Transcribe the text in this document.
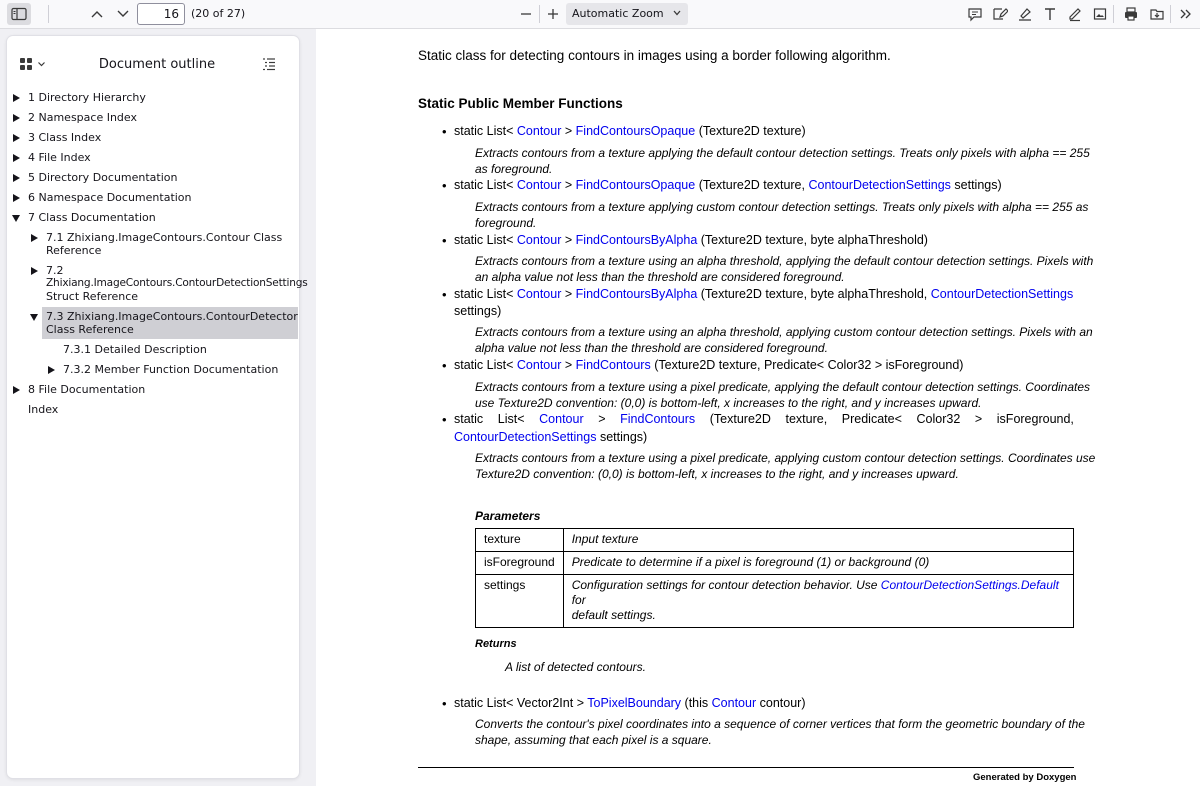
16	(20 of 27)	Automatic Zoom
Document outline
1 Directory Hierarchy
2 Namespace Index
3 Class Index
4 File Index
5 Directory Documentation
6 Namespace Documentation
7 Class Documentation
7.1 Zhixiang.ImageContours.Contour Class
Reference
7.2
Zhixiang.ImageContours.ContourDetectionSettings
Struct Reference
7.3 Zhixiang.ImageContours.ContourDetector
Class Reference
7.3.1 Detailed Description
7.3.2 Member Function Documentation
8 File Documentation
Index
Static class for detecting contours in images using a border following algorithm.
Static Public Member Functions
• static List< Contour > FindContoursOpaque (Texture2D texture)
Extracts contours from a texture applying the default contour detection settings. Treats only pixels with alpha == 255
as foreground.
• static List< Contour > FindContoursOpaque (Texture2D texture, ContourDetectionSettings settings)
Extracts contours from a texture applying custom contour detection settings. Treats only pixels with alpha == 255 as
foreground.
• static List< Contour > FindContoursByAlpha (Texture2D texture, byte alphaThreshold)
Extracts contours from a texture using an alpha threshold, applying the default contour detection settings. Pixels with
an alpha value not less than the threshold are considered foreground.
• static List< Contour > FindContoursByAlpha (Texture2D texture, byte alphaThreshold, ContourDetectionSettings
settings)
Extracts contours from a texture using an alpha threshold, applying custom contour detection settings. Pixels with an
alpha value not less than the threshold are considered foreground.
• static List< Contour > FindContours (Texture2D texture, Predicate< Color32 > isForeground)
Extracts contours from a texture using a pixel predicate, applying the default contour detection settings. Coordinates
use Texture2D convention: (0,0) is bottom-left, x increases to the right, and y increases upward.
• static List< Contour > FindContours (Texture2D texture, Predicate< Color32 > isForeground,
ContourDetectionSettings settings)
Extracts contours from a texture using a pixel predicate, applying custom contour detection settings. Coordinates use
Texture2D convention: (0,0) is bottom-left, x increases to the right, and y increases upward.
Parameters
texture	Input texture
isForeground	Predicate to determine if a pixel is foreground (1) or background (0)
settings	Configuration settings for contour detection behavior. Use ContourDetectionSettings.Default for
default settings.
Returns
A list of detected contours.
• static List< Vector2Int > ToPixelBoundary (this Contour contour)
Converts the contour's pixel coordinates into a sequence of corner vertices that form the geometric boundary of the
shape, assuming that each pixel is a square.
Generated by Doxygen
